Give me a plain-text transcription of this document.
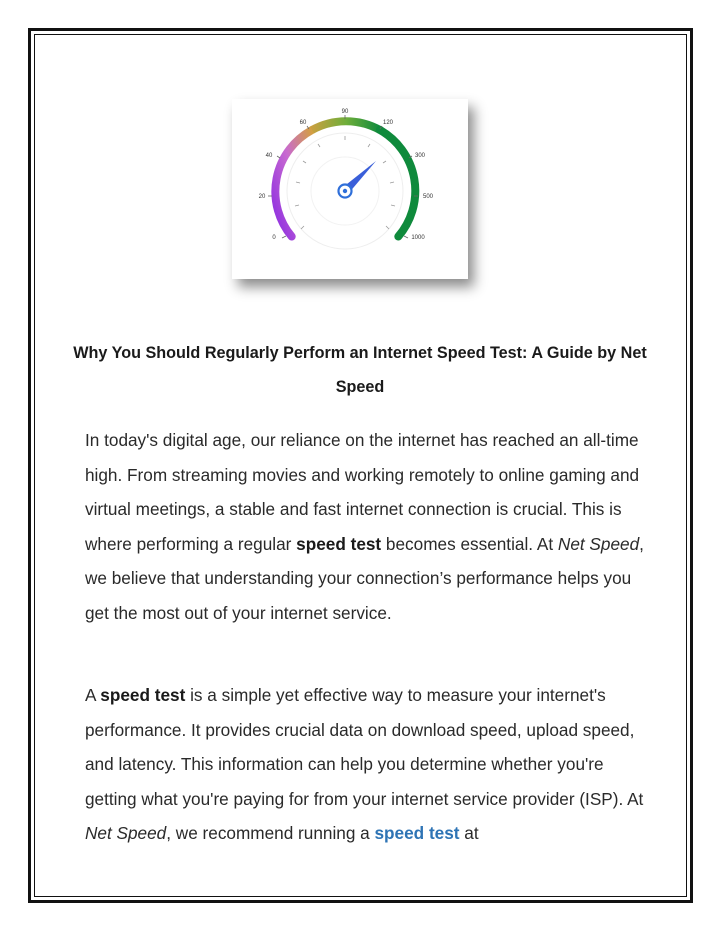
0
20
40
60
90
120
300
500
1000
Why You Should Regularly Perform an Internet Speed Test: A Guide by Net Speed

In today's digital age, our reliance on the internet has reached an all-time high. From streaming movies and working remotely to online gaming and virtual meetings, a stable and fast internet connection is crucial. This is where performing a regular speed test becomes essential. At Net Speed, we believe that understanding your connection’s performance helps you get the most out of your internet service.

A speed test is a simple yet effective way to measure your internet's performance. It provides crucial data on download speed, upload speed, and latency. This information can help you determine whether you're getting what you're paying for from your internet service provider (ISP). At Net Speed, we recommend running a speed test at
